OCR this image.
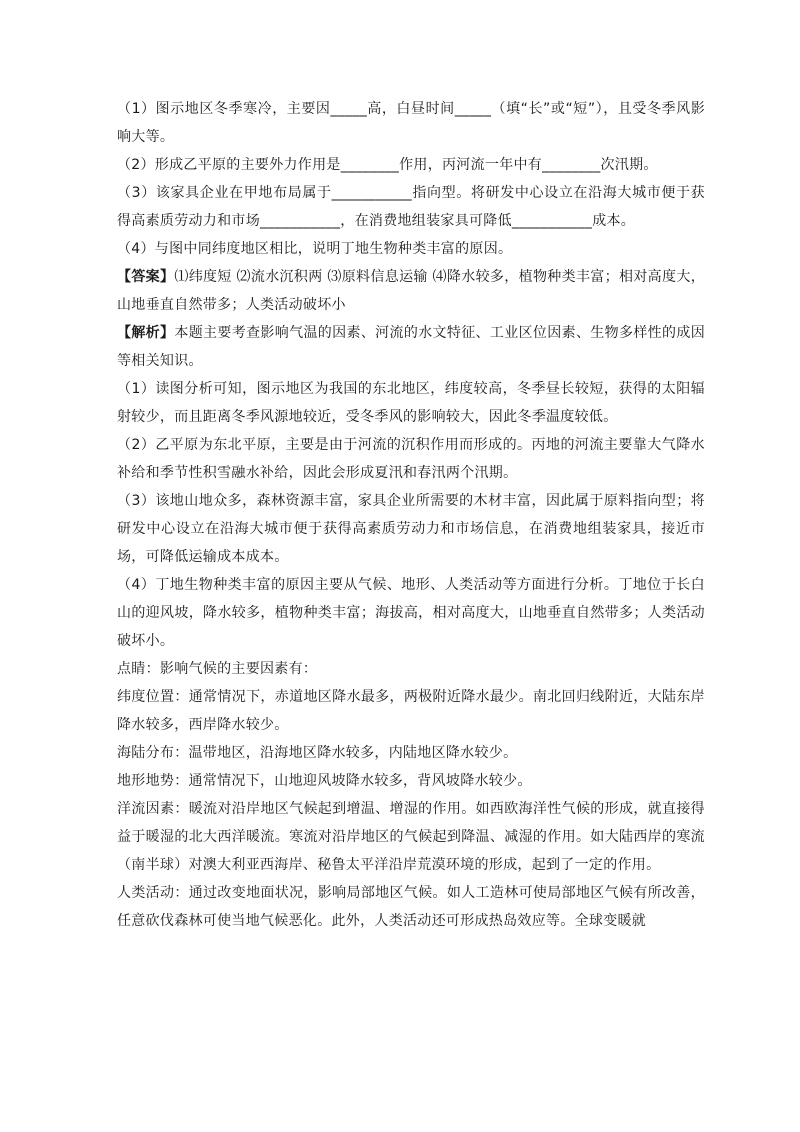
（1）图示地区冬季寒冷，主要因_____高，白昼时间_____（填“长”或“短”），且受冬季风影响大等。

（2）形成乙平原的主要外力作用是________作用，丙河流一年中有________次汛期。

（3）该家具企业在甲地布局属于___________指向型。将研发中心设立在沿海大城市便于获得高素质劳动力和市场___________，在消费地组装家具可降低___________成本。

（4）与图中同纬度地区相比，说明丁地生物种类丰富的原因。

【答案】⑴纬度短 ⑵流水沉积两 ⑶原料信息运输 ⑷降水较多，植物种类丰富；相对高度大，山地垂直自然带多；人类活动破坏小

【解析】本题主要考查影响气温的因素、河流的水文特征、工业区位因素、生物多样性的成因等相关知识。

（1）读图分析可知，图示地区为我国的东北地区，纬度较高，冬季昼长较短，获得的太阳辐射较少，而且距离冬季风源地较近，受冬季风的影响较大，因此冬季温度较低。

（2）乙平原为东北平原，主要是由于河流的沉积作用而形成的。丙地的河流主要靠大气降水补给和季节性积雪融水补给，因此会形成夏汛和春汛两个汛期。

（3）该地山地众多，森林资源丰富，家具企业所需要的木材丰富，因此属于原料指向型；将研发中心设立在沿海大城市便于获得高素质劳动力和市场信息，在消费地组装家具，接近市场，可降低运输成本成本。

（4）丁地生物种类丰富的原因主要从气候、地形、人类活动等方面进行分析。丁地位于长白山的迎风坡，降水较多，植物种类丰富；海拔高，相对高度大，山地垂直自然带多；人类活动破坏小。

点睛：影响气候的主要因素有：

纬度位置：通常情况下，赤道地区降水最多，两极附近降水最少。南北回归线附近，大陆东岸降水较多，西岸降水较少。

海陆分布：温带地区，沿海地区降水较多，内陆地区降水较少。

地形地势：通常情况下，山地迎风坡降水较多，背风坡降水较少。

洋流因素：暖流对沿岸地区气候起到增温、增湿的作用。如西欧海洋性气候的形成，就直接得益于暖湿的北大西洋暖流。寒流对沿岸地区的气候起到降温、减湿的作用。如大陆西岸的寒流（南半球）对澳大利亚西海岸、秘鲁太平洋沿岸荒漠环境的形成，起到了一定的作用。

人类活动：通过改变地面状况，影响局部地区气候。如人工造林可使局部地区气候有所改善，任意砍伐森林可使当地气候恶化。此外，人类活动还可形成热岛效应等。全球变暖就
